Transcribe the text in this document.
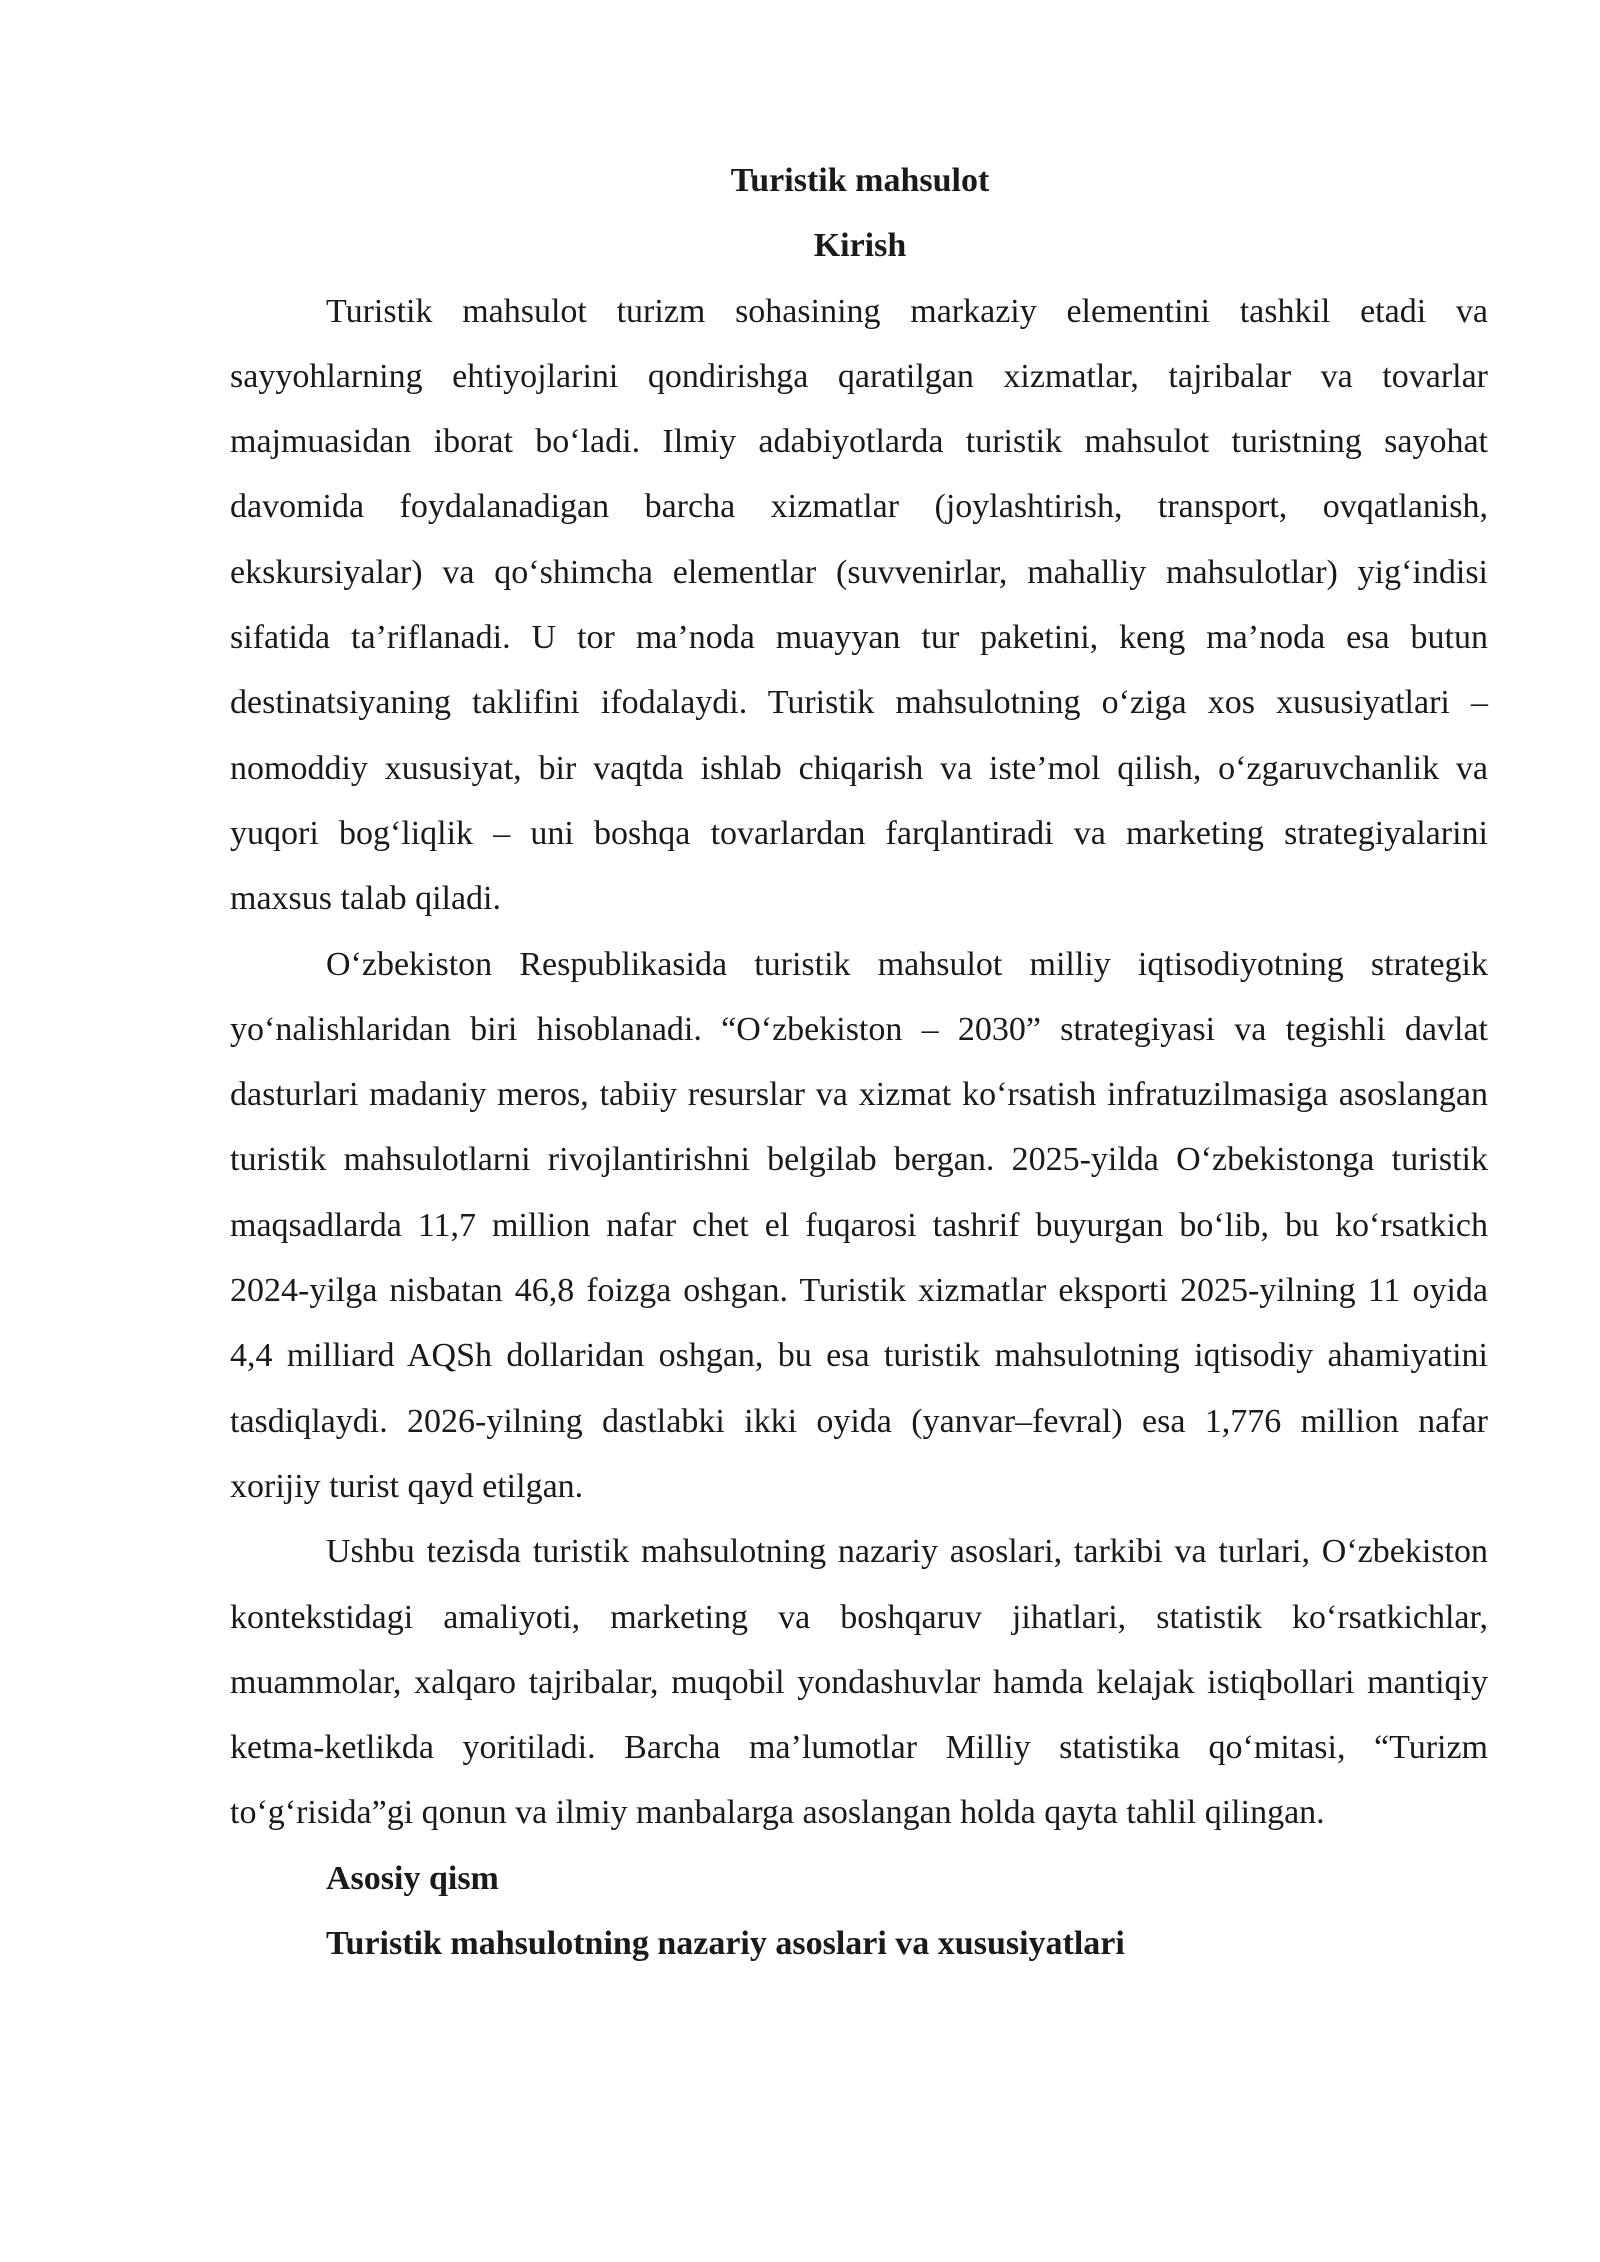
Turistik mahsulot

Kirish

Turistik mahsulot turizm sohasining markaziy elementini tashkil etadi va sayyohlarning ehtiyojlarini qondirishga qaratilgan xizmatlar, tajribalar va tovarlar majmuasidan iborat bo‘ladi. Ilmiy adabiyotlarda turistik mahsulot turistning sayohat davomida foydalanadigan barcha xizmatlar (joylashtirish, transport, ovqatlanish, ekskursiyalar) va qo‘shimcha elementlar (suvvenirlar, mahalliy mahsulotlar) yig‘indisi sifatida ta’riflanadi. U tor ma’noda muayyan tur paketini, keng ma’noda esa butun destinatsiyaning taklifini ifodalaydi. Turistik mahsulotning o‘ziga xos xususiyatlari – nomoddiy xususiyat, bir vaqtda ishlab chiqarish va iste’mol qilish, o‘zgaruvchanlik va yuqori bog‘liqlik – uni boshqa tovarlardan farqlantiradi va marketing strategiyalarini maxsus talab qiladi.

O‘zbekiston Respublikasida turistik mahsulot milliy iqtisodiyotning strategik yo‘nalishlaridan biri hisoblanadi. “O‘zbekiston – 2030” strategiyasi va tegishli davlat dasturlari madaniy meros, tabiiy resurslar va xizmat ko‘rsatish infratuzilmasiga asoslangan turistik mahsulotlarni rivojlantirishni belgilab bergan. 2025-yilda O‘zbekistonga turistik maqsadlarda 11,7 million nafar chet el fuqarosi tashrif buyurgan bo‘lib, bu ko‘rsatkich 2024-yilga nisbatan 46,8 foizga oshgan. Turistik xizmatlar eksporti 2025-yilning 11 oyida 4,4 milliard AQSh dollaridan oshgan, bu esa turistik mahsulotning iqtisodiy ahamiyatini tasdiqlaydi. 2026-yilning dastlabki ikki oyida (yanvar–fevral) esa 1,776 million nafar xorijiy turist qayd etilgan.

Ushbu tezisda turistik mahsulotning nazariy asoslari, tarkibi va turlari, O‘zbekiston kontekstidagi amaliyoti, marketing va boshqaruv jihatlari, statistik ko‘rsatkichlar, muammolar, xalqaro tajribalar, muqobil yondashuvlar hamda kelajak istiqbollari mantiqiy ketma-ketlikda yoritiladi. Barcha ma’lumotlar Milliy statistika qo‘mitasi, “Turizm to‘g‘risida”gi qonun va ilmiy manbalarga asoslangan holda qayta tahlil qilingan.

Asosiy qism

Turistik mahsulotning nazariy asoslari va xususiyatlari
